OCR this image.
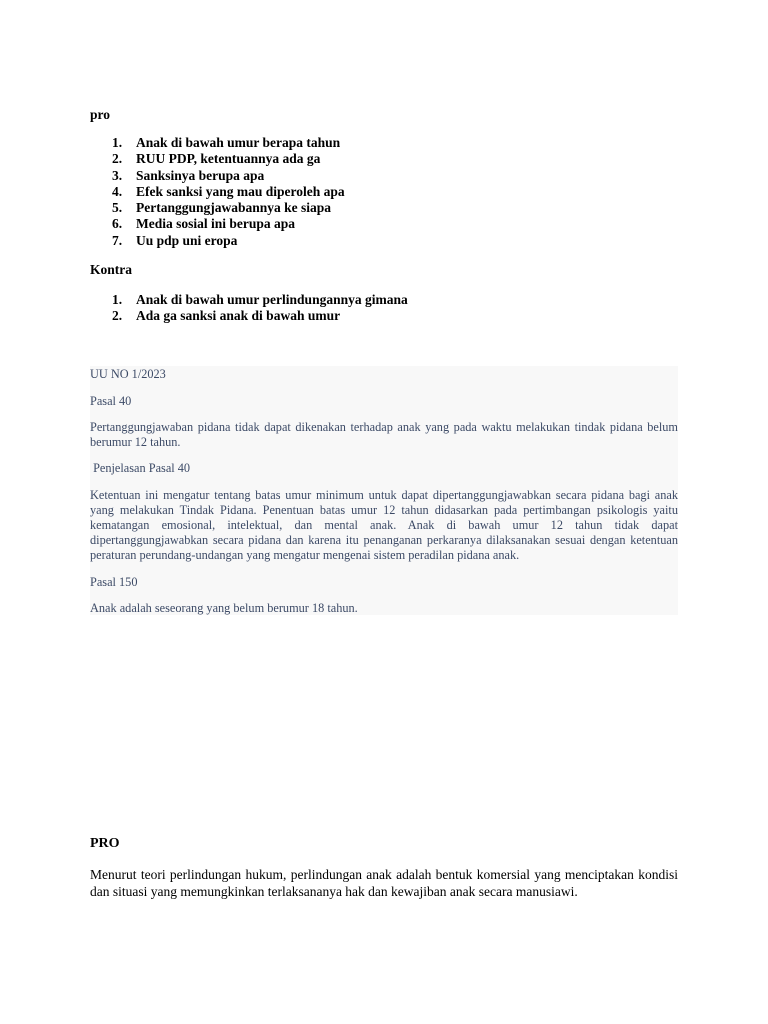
pro
1.	Anak di bawah umur berapa tahun
2.	RUU PDP, ketentuannya ada ga
3.	Sanksinya berupa apa
4.	Efek sanksi yang mau diperoleh apa
5.	Pertanggungjawabannya ke siapa
6.	Media sosial ini berupa apa
7.	Uu pdp uni eropa
Kontra
1.	Anak di bawah umur perlindungannya gimana
2.	Ada ga sanksi anak di bawah umur

UU NO 1/2023

Pasal 40

Pertanggungjawaban pidana tidak dapat dikenakan terhadap anak yang pada waktu melakukan tindak pidana belum berumur 12 tahun.

Penjelasan Pasal 40

Ketentuan ini mengatur tentang batas umur minimum untuk dapat dipertanggungjawabkan secara pidana bagi anak yang melakukan Tindak Pidana. Penentuan batas umur 12 tahun didasarkan pada pertimbangan psikologis yaitu kematangan emosional, intelektual, dan mental anak. Anak di bawah umur 12 tahun tidak dapat dipertanggungjawabkan secara pidana dan karena itu penanganan perkaranya dilaksanakan sesuai dengan ketentuan peraturan perundang-undangan yang mengatur mengenai sistem peradilan pidana anak.

Pasal 150

Anak adalah seseorang yang belum berumur 18 tahun.

PRO

Menurut teori perlindungan hukum, perlindungan anak adalah bentuk komersial yang menciptakan kondisi dan situasi yang memungkinkan terlaksananya hak dan kewajiban anak secara manusiawi.
